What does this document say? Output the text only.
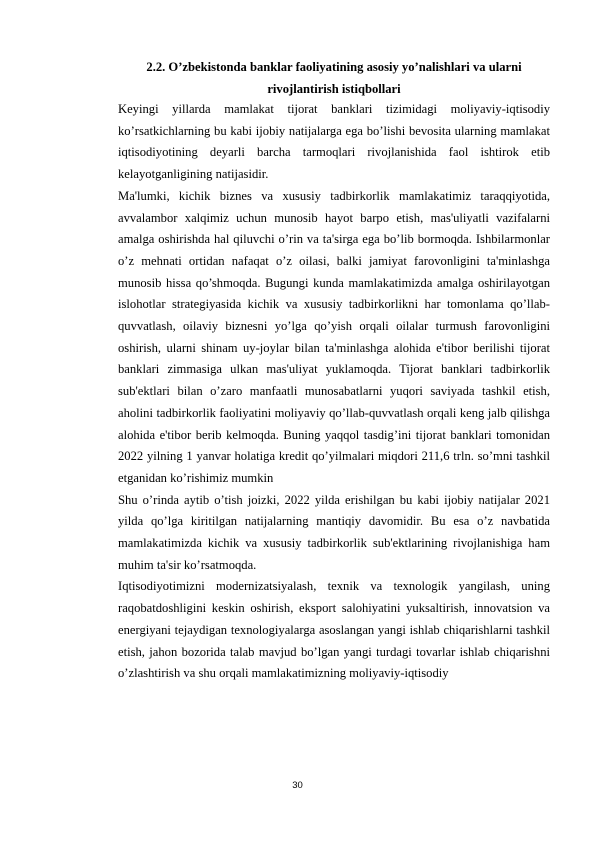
2.2. O’zbekistonda banklar faoliyatining asosiy yo’nalishlari va ularni rivojlantirish istiqbollari

Keyingi yillarda mamlakat tijorat banklari tizimidagi moliyaviy-iqtisodiy ko’rsatkichlarning bu kabi ijobiy natijalarga ega bo’lishi bevosita ularning mamlakat iqtisodiyotining deyarli barcha tarmoqlari rivojlanishida faol ishtirok etib kelayotganligining natijasidir.

Ma'lumki, kichik biznes va xususiy tadbirkorlik mamlakatimiz taraqqiyotida, avvalambor xalqimiz uchun munosib hayot barpo etish, mas'uliyatli vazifalarni amalga oshirishda hal qiluvchi o’rin va ta'sirga ega bo’lib bormoqda. Ishbilarmonlar o’z mehnati ortidan nafaqat o’z oilasi, balki jamiyat farovonligini ta'minlashga munosib hissa qo’shmoqda. Bugungi kunda mamlakatimizda amalga oshirilayotgan islohotlar strategiyasida kichik va xususiy tadbirkorlikni har tomonlama qo’llab-quvvatlash, oilaviy biznesni yo’lga qo’yish orqali oilalar turmush farovonligini oshirish, ularni shinam uy-joylar bilan ta'minlashga alohida e'tibor berilishi tijorat banklari zimmasiga ulkan mas'uliyat yuklamoqda. Tijorat banklari tadbirkorlik sub'ektlari bilan o’zaro manfaatli munosabatlarni yuqori saviyada tashkil etish, aholini tadbirkorlik faoliyatini moliyaviy qo’llab-quvvatlash orqali keng jalb qilishga alohida e'tibor berib kelmoqda. Buning yaqqol tasdig’ini tijorat banklari tomonidan 2022 yilning 1 yanvar holatiga kredit qo’yilmalari miqdori 211,6 trln. so’mni tashkil etganidan ko’rishimiz mumkin

Shu o’rinda aytib o’tish joizki, 2022 yilda erishilgan bu kabi ijobiy natijalar 2021 yilda qo’lga kiritilgan natijalarning mantiqiy davomidir. Bu esa o’z navbatida mamlakatimizda kichik va xususiy tadbirkorlik sub'ektlarining rivojlanishiga ham muhim ta'sir ko’rsatmoqda.

Iqtisodiyotimizni modernizatsiyalash, texnik va texnologik yangilash, uning raqobatdoshligini keskin oshirish, eksport salohiyatini yuksaltirish, innovatsion va energiyani tejaydigan texnologiyalarga asoslangan yangi ishlab chiqarishlarni tashkil etish, jahon bozorida talab mavjud bo’lgan yangi turdagi tovarlar ishlab chiqarishni o’zlashtirish va shu orqali mamlakatimizning moliyaviy-iqtisodiy

30
